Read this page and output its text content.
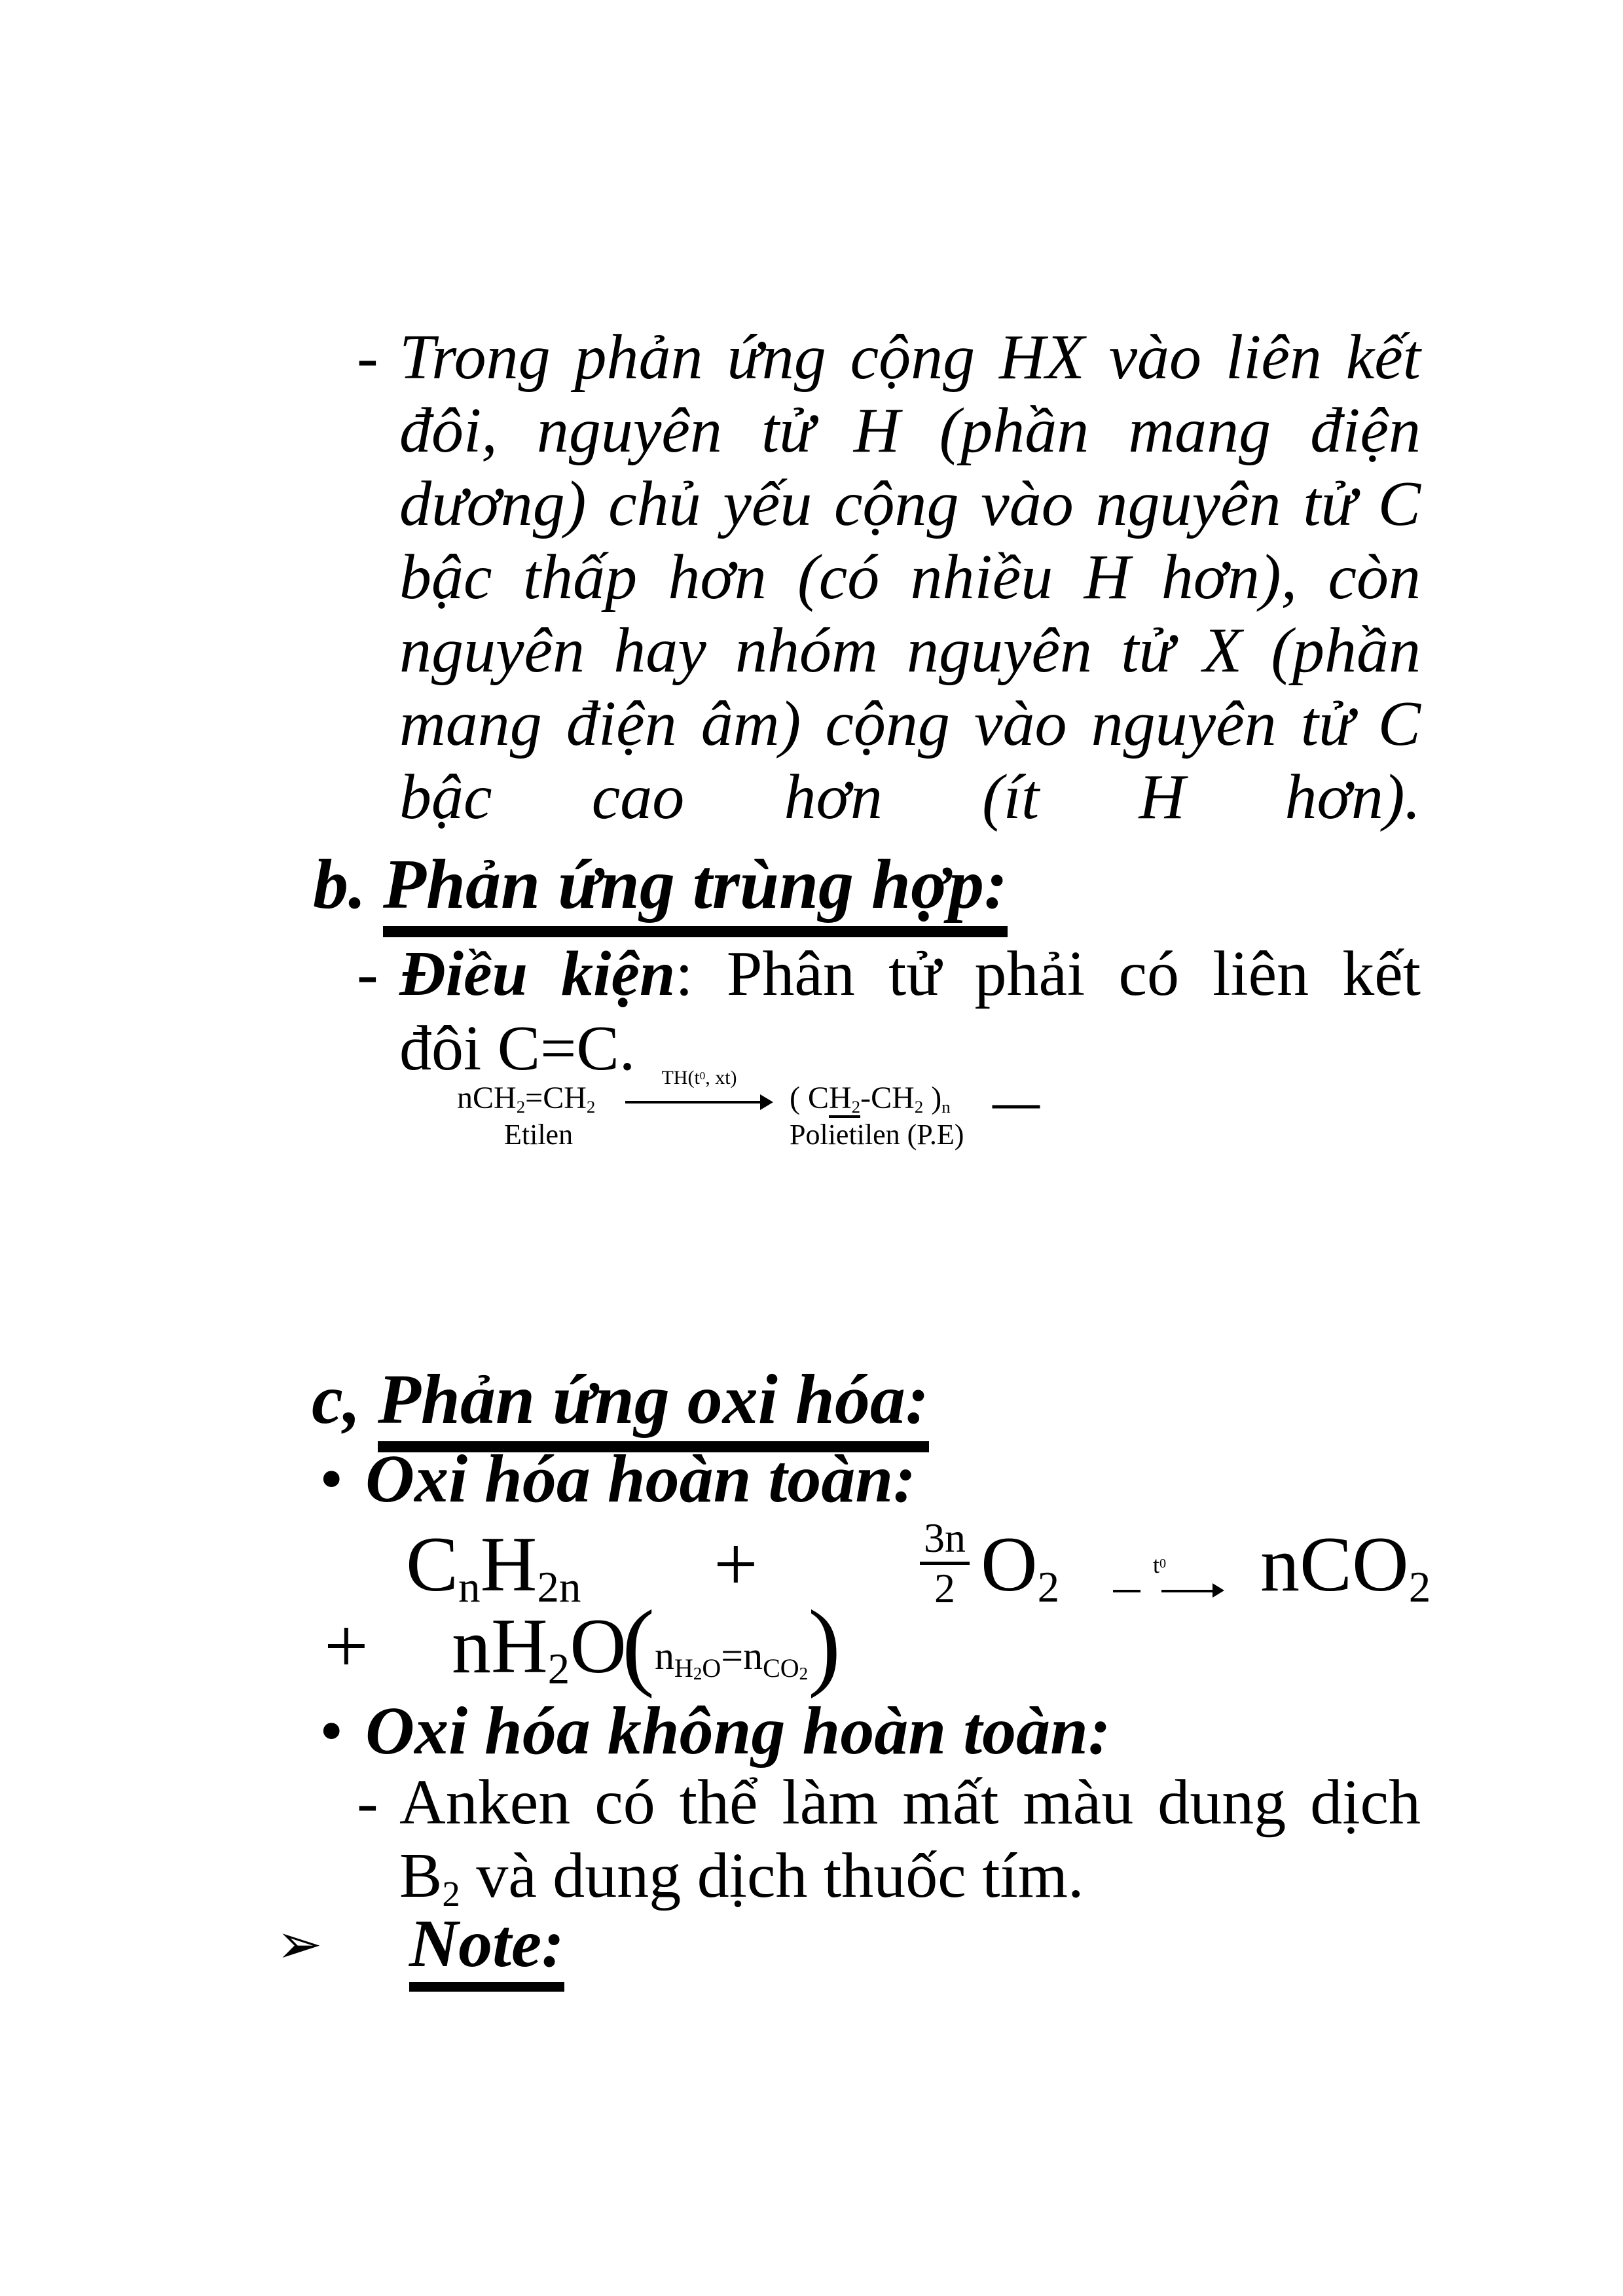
- Trong phản ứng cộng HX vào liên kết
đôi, nguyên tử H (phần mang điện
dương) chủ yếu cộng vào nguyên tử C
bậc thấp hơn (có nhiều H hơn), còn
nguyên hay nhóm nguyên tử X (phần
mang điện âm) cộng vào nguyên tử C
bậc cao hơn (ít H hơn).
b. Phản ứng trùng hợp:
- Điều kiện: Phân tử phải có liên kết
đôi C=C.
nCH2=CH2
$TH(t^0$, xt)
( CH2-CH2 )n —
Etilen	Polietilen (P.E)
c, Phản ứng oxi hóa:
• Oxi hóa hoàn toàn:
CnH2n +	$\frac{3n}{2} O2$	$t^0$	nCO2
+ nH2O
( $n_{H2O}=n_{CO2}$ )
• Oxi hóa không hoàn toàn:
- Anken có thể làm mất màu dung dịch
B2 và dung dịch thuốc tím.
➢ Note:
